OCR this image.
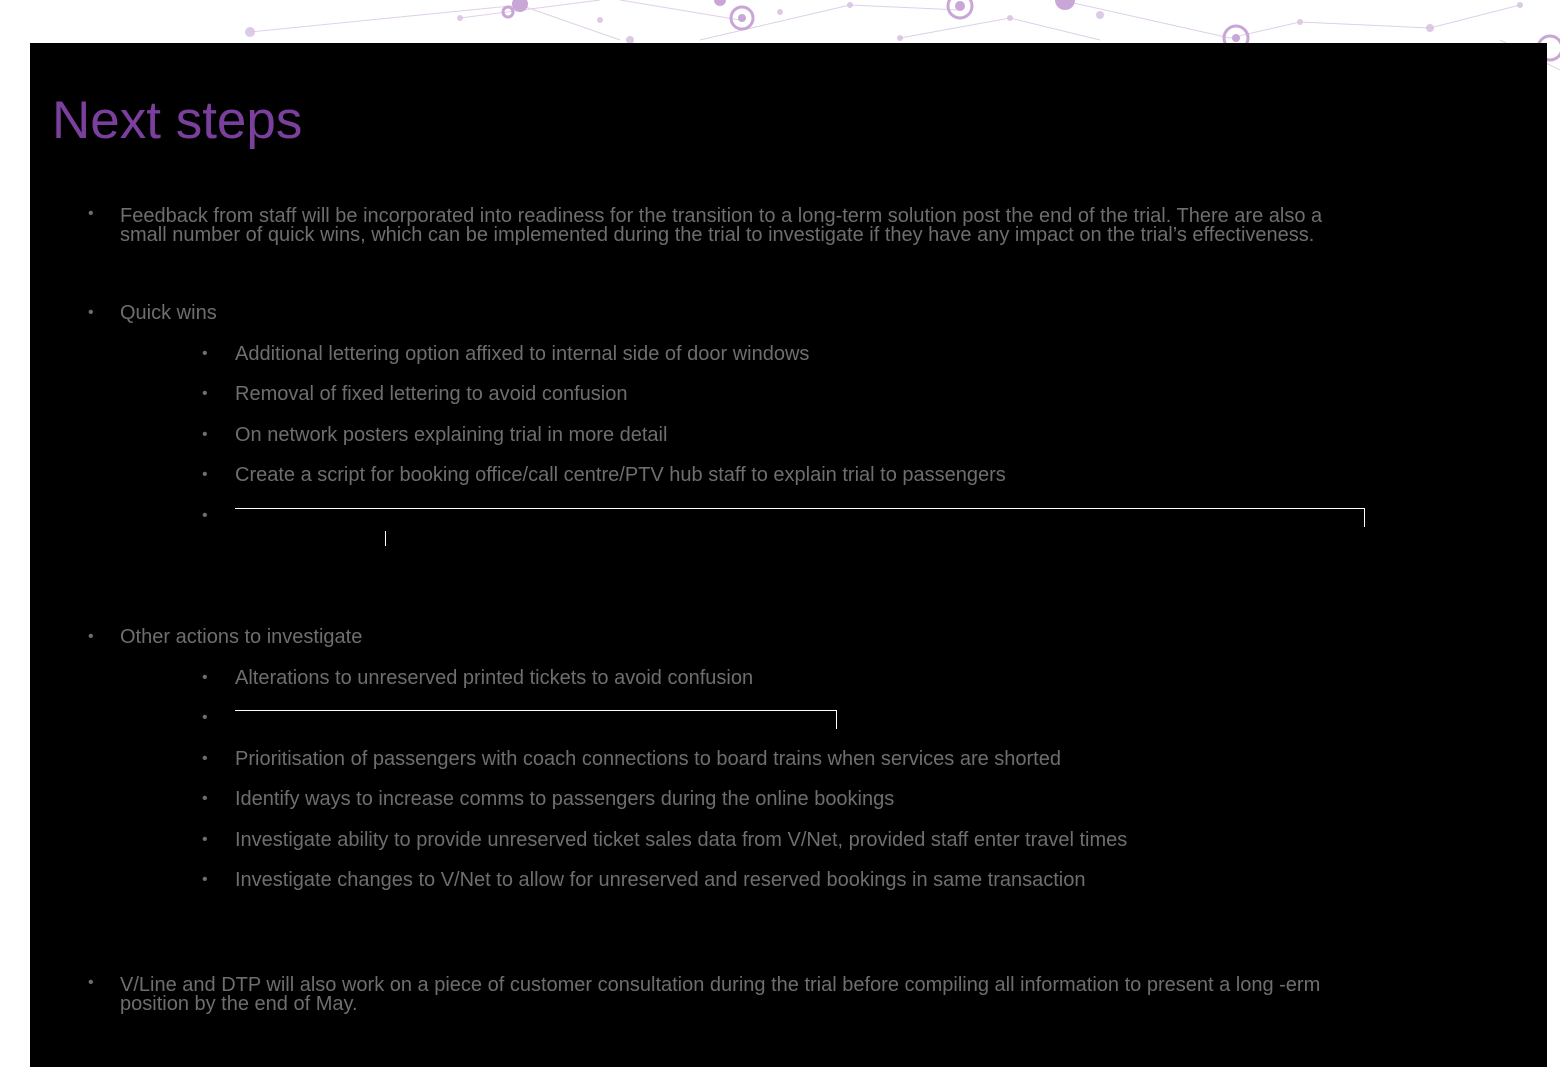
Next steps
• Feedback from staff will be incorporated into readiness for the transition to a long-term solution post the end of the trial. There are also a small number of quick wins, which can be implemented during the trial to investigate if they have any impact on the trial’s effectiveness.
• Quick wins
• Additional lettering option affixed to internal side of door windows
• Removal of fixed lettering to avoid confusion
• On network posters explaining trial in more detail
• Create a script for booking office/call centre/PTV hub staff to explain trial to passengers
•
• Other actions to investigate
• Alterations to unreserved printed tickets to avoid confusion
•
• Prioritisation of passengers with coach connections to board trains when services are shorted
• Identify ways to increase comms to passengers during the online bookings
• Investigate ability to provide unreserved ticket sales data from V/Net, provided staff enter travel times
• Investigate changes to V/Net to allow for unreserved and reserved bookings in same transaction
• V/Line and DTP will also work on a piece of customer consultation during the trial before compiling all information to present a long -erm position by the end of May.
